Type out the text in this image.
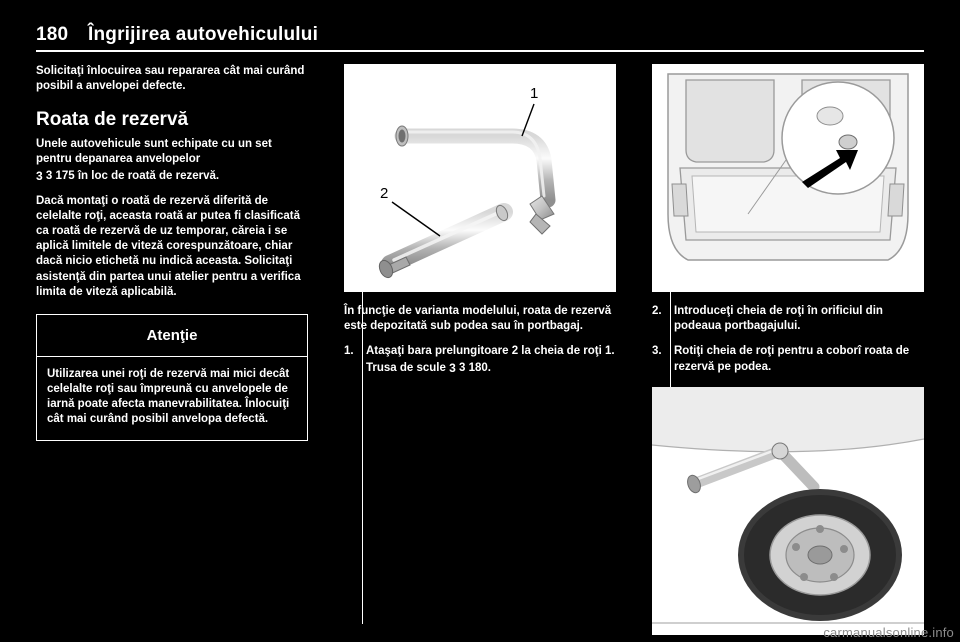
180	Îngrijirea autovehiculului

Solicitaţi înlocuirea sau repararea cât mai curând posibil a anvelopei defecte.

Roata de rezervă

Unele autovehicule sunt echipate cu un set pentru depanarea anvelopelor 3 3 175 în loc de roată de rezervă.

Dacă montaţi o roată de rezervă diferită de celelalte roţi, aceasta roată ar putea fi clasificată ca roată de rezervă de uz temporar, căreia i se aplică limitele de viteză corespunzătoare, chiar dacă nicio etichetă nu indică aceasta. Solicitaţi asistenţă din partea unui atelier pentru a verifica limita de viteză aplicabilă.

Atenţie

Utilizarea unei roţi de rezervă mai mici decât celelalte roţi sau împreună cu anvelopele de iarnă poate afecta manevrabilitatea. Înlocuiţi cât mai curând posibil anvelopa defectă.

1
2

În funcţie de varianta modelului, roata de rezervă este depozitată sub podea sau în portbagaj.

1.	Ataşaţi bara prelungitoare 2 la cheia de roţi 1. Trusa de scule 3 3 180.
2.	Introduceţi cheia de roţi în orificiul din podeaua portbagajului.
3.	Rotiţi cheia de roţi pentru a coborî roata de rezervă pe podea.
carmanualsonline.info
